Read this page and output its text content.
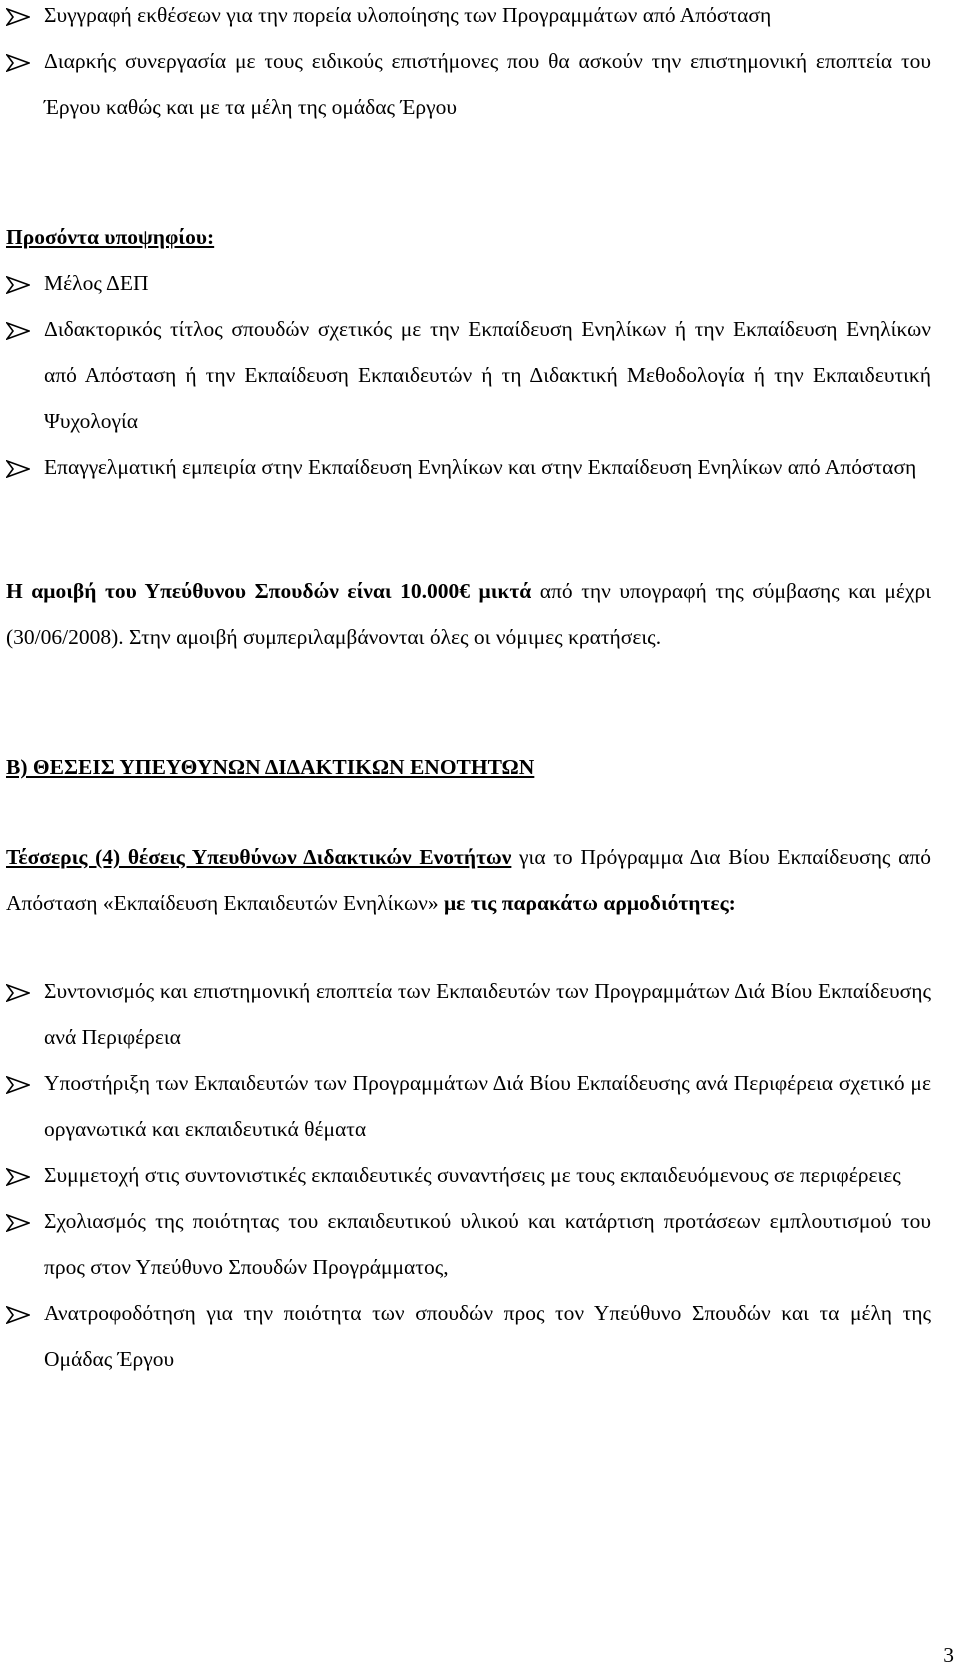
Συγγραφή εκθέσεων για την πορεία υλοποίησης των Προγραμμάτων από Απόσταση
Διαρκής συνεργασία με τους ειδικούς επιστήμονες που θα ασκούν την επιστημονική εποπτεία του Έργου καθώς και με τα μέλη της ομάδας Έργου
Προσόντα υποψηφίου:
Μέλος ΔΕΠ
Διδακτορικός τίτλος σπουδών σχετικός με την Εκπαίδευση Ενηλίκων ή την Εκπαίδευση Ενηλίκων από Απόσταση ή την Εκπαίδευση Εκπαιδευτών ή τη Διδακτική Μεθοδολογία ή την Εκπαιδευτική Ψυχολογία
Επαγγελματική εμπειρία στην Εκπαίδευση Ενηλίκων και στην Εκπαίδευση Ενηλίκων από Απόσταση
Η αμοιβή του Υπεύθυνου Σπουδών είναι 10.000€ μικτά από την υπογραφή της σύμβασης και μέχρι (30/06/2008). Στην αμοιβή συμπεριλαμβάνονται όλες οι νόμιμες κρατήσεις.
Β) ΘΕΣΕΙΣ ΥΠΕΥΘΥΝΩΝ ΔΙΔΑΚΤΙΚΩΝ ΕΝΟΤΗΤΩΝ
Τέσσερις (4) θέσεις Υπευθύνων Διδακτικών Ενοτήτων για το Πρόγραμμα Δια Βίου Εκπαίδευσης από Απόσταση «Εκπαίδευση Εκπαιδευτών Ενηλίκων» με τις παρακάτω αρμοδιότητες:
Συντονισμός και επιστημονική εποπτεία των Εκπαιδευτών των Προγραμμάτων Διά Βίου Εκπαίδευσης ανά Περιφέρεια
Υποστήριξη των Εκπαιδευτών των Προγραμμάτων Διά Βίου Εκπαίδευσης ανά Περιφέρεια σχετικό με οργανωτικά και εκπαιδευτικά θέματα
Συμμετοχή στις συντονιστικές εκπαιδευτικές συναντήσεις με τους εκπαιδευόμενους σε περιφέρειες
Σχολιασμός της ποιότητας του εκπαιδευτικού υλικού και κατάρτιση προτάσεων εμπλουτισμού του προς στον Υπεύθυνο Σπουδών Προγράμματος,
Ανατροφοδότηση για την ποιότητα των σπουδών προς τον Υπεύθυνο Σπουδών και τα μέλη της Ομάδας Έργου
3
